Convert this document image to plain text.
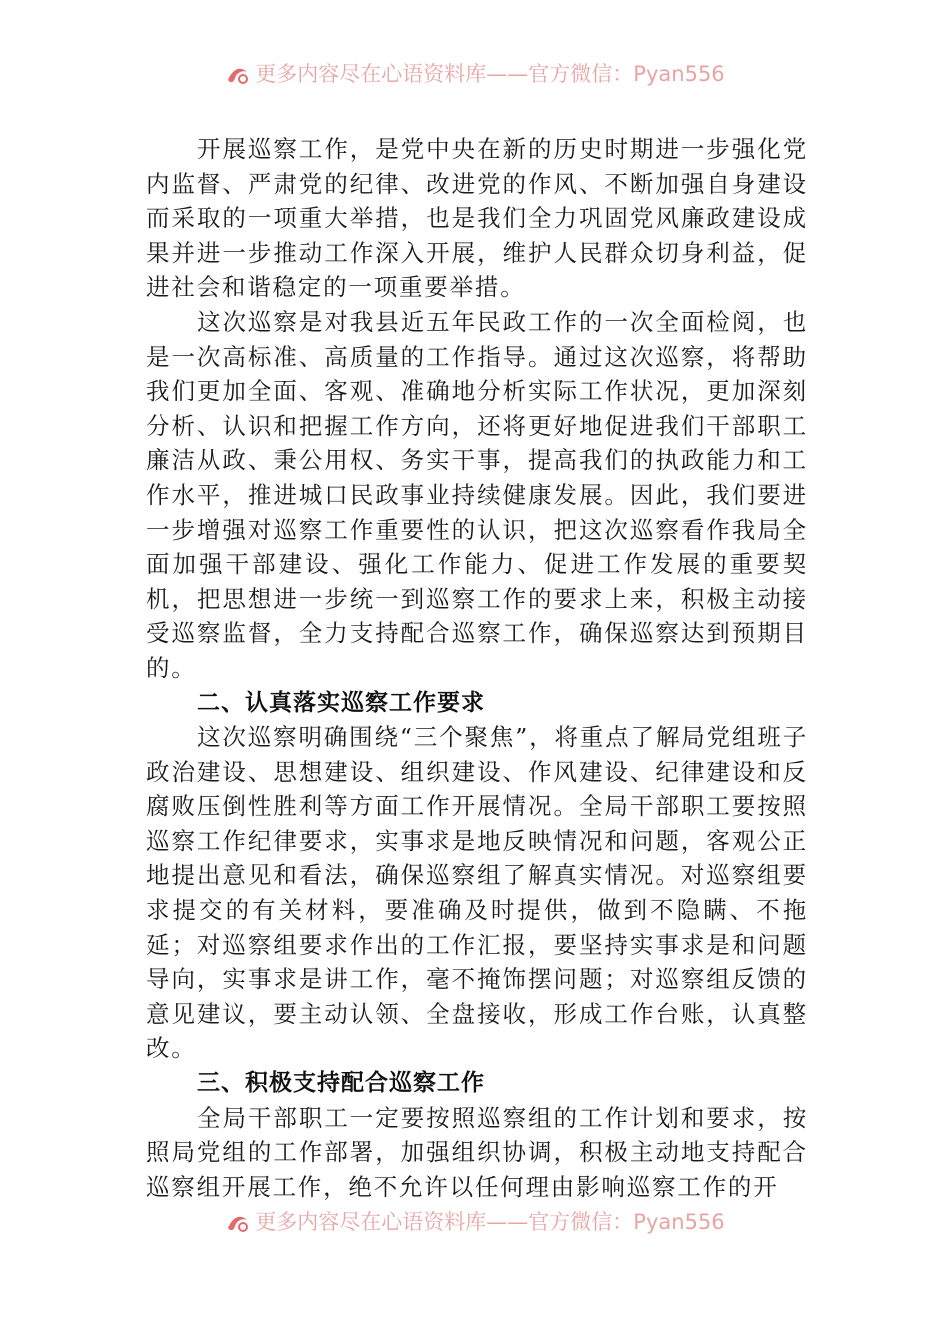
更多内容尽在心语资料库——官方微信：Pyan556

开展巡察工作，是党中央在新的历史时期进一步强化党内监督、严肃党的纪律、改进党的作风、不断加强自身建设而采取的一项重大举措，也是我们全力巩固党风廉政建设成果并进一步推动工作深入开展，维护人民群众切身利益，促进社会和谐稳定的一项重要举措。

这次巡察是对我县近五年民政工作的一次全面检阅，也是一次高标准、高质量的工作指导。通过这次巡察，将帮助我们更加全面、客观、准确地分析实际工作状况，更加深刻分析、认识和把握工作方向，还将更好地促进我们干部职工廉洁从政、秉公用权、务实干事，提高我们的执政能力和工作水平，推进城口民政事业持续健康发展。因此，我们要进一步增强对巡察工作重要性的认识，把这次巡察看作我局全面加强干部建设、强化工作能力、促进工作发展的重要契机，把思想进一步统一到巡察工作的要求上来，积极主动接受巡察监督，全力支持配合巡察工作，确保巡察达到预期目的。

二、认真落实巡察工作要求

这次巡察明确围绕“三个聚焦”，将重点了解局党组班子政治建设、思想建设、组织建设、作风建设、纪律建设和反腐败压倒性胜利等方面工作开展情况。全局干部职工要按照巡察工作纪律要求，实事求是地反映情况和问题，客观公正地提出意见和看法，确保巡察组了解真实情况。对巡察组要求提交的有关材料，要准确及时提供，做到不隐瞒、不拖延；对巡察组要求作出的工作汇报，要坚持实事求是和问题导向，实事求是讲工作，毫不掩饰摆问题；对巡察组反馈的意见建议，要主动认领、全盘接收，形成工作台账，认真整改。

三、积极支持配合巡察工作

全局干部职工一定要按照巡察组的工作计划和要求，按照局党组的工作部署，加强组织协调，积极主动地支持配合巡察组开展工作，绝不允许以任何理由影响巡察工作的开

更多内容尽在心语资料库——官方微信：Pyan556
